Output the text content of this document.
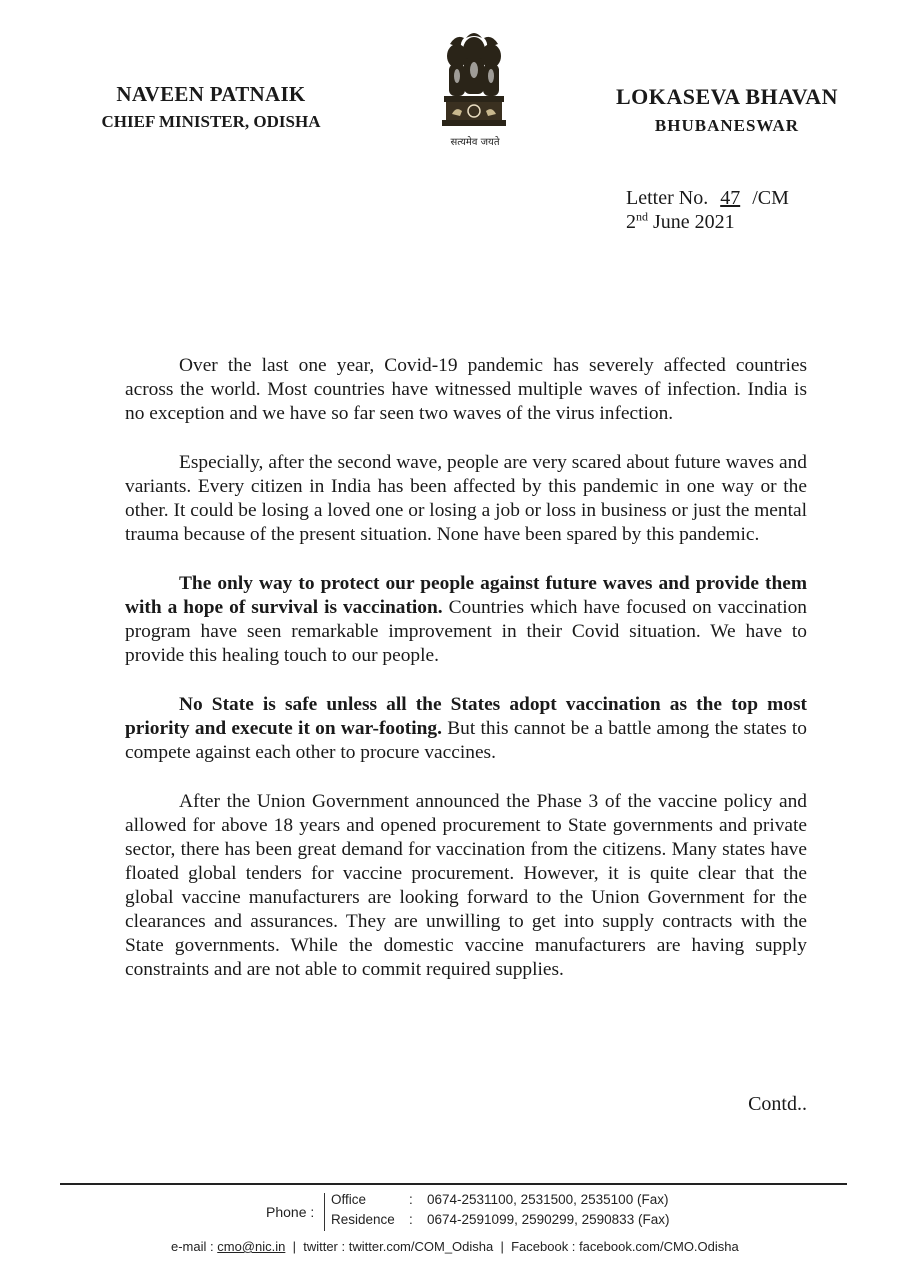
NAVEEN PATNAIK
CHIEF MINISTER, ODISHA
सत्यमेव जयते
LOKASEVA BHAVAN
BHUBANESWAR
Letter No. 47 /CM
2nd June 2021

Over the last one year, Covid-19 pandemic has severely affected countries across the world. Most countries have witnessed multiple waves of infection. India is no exception and we have so far seen two waves of the virus infection.

Especially, after the second wave, people are very scared about future waves and variants. Every citizen in India has been affected by this pandemic in one way or the other. It could be losing a loved one or losing a job or loss in business or just the mental trauma because of the present situation. None have been spared by this pandemic.

The only way to protect our people against future waves and provide them with a hope of survival is vaccination. Countries which have focused on vaccination program have seen remarkable improvement in their Covid situation. We have to provide this healing touch to our people.

No State is safe unless all the States adopt vaccination as the top most priority and execute it on war-footing. But this cannot be a battle among the states to compete against each other to procure vaccines.

After the Union Government announced the Phase 3 of the vaccine policy and allowed for above 18 years and opened procurement to State governments and private sector, there has been great demand for vaccination from the citizens. Many states have floated global tenders for vaccine procurement. However, it is quite clear that the global vaccine manufacturers are looking forward to the Union Government for the clearances and assurances. They are unwilling to get into supply contracts with the State governments. While the domestic vaccine manufacturers are having supply constraints and are not able to commit required supplies.

Contd..
Phone :
Office	: 0674-2531100, 2531500, 2535100 (Fax)
Residence : 0674-2591099, 2590299, 2590833 (Fax)
e-mail : cmo@nic.in | twitter : twitter.com/COM_Odisha | Facebook : facebook.com/CMO.Odisha
